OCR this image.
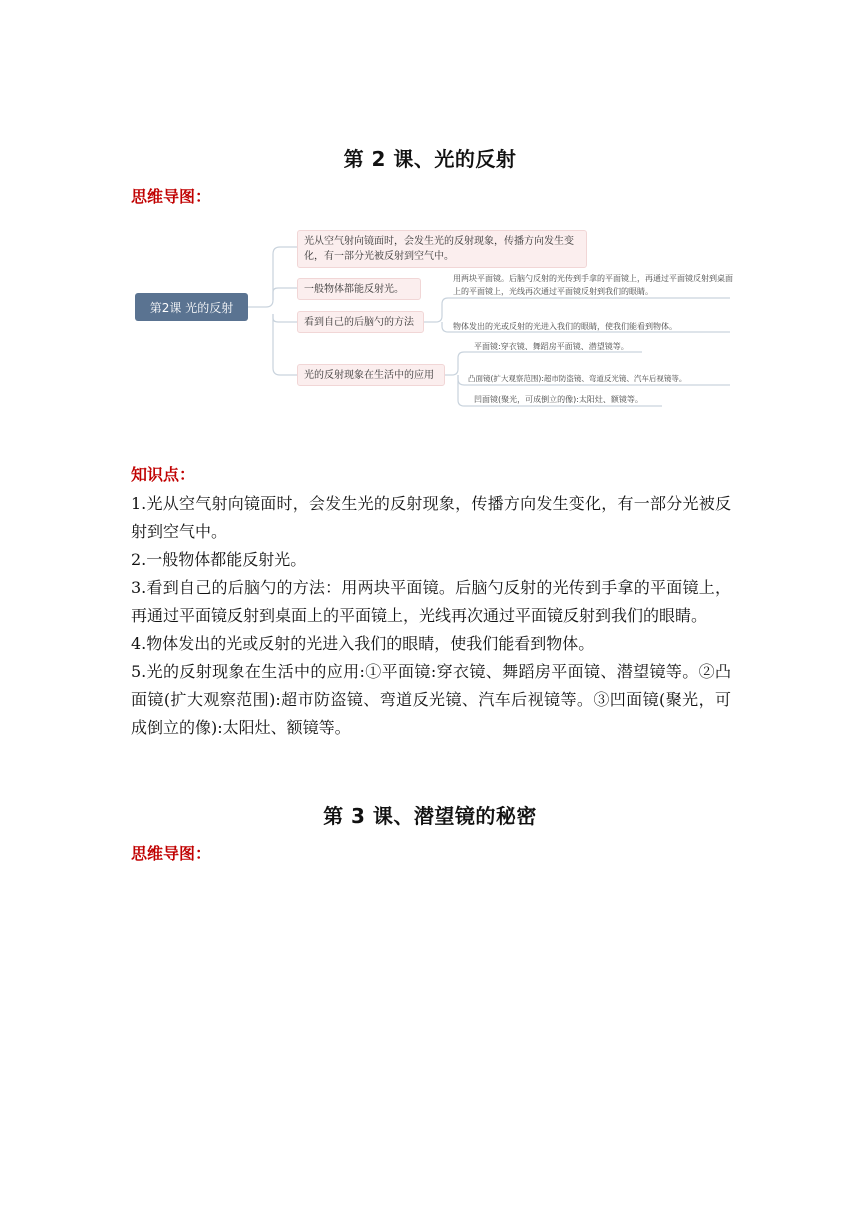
第 2 课、光的反射
思维导图：
第2课 光的反射
光从空气射向镜面时，会发生光的反射现象，传播方向发生变化，有一部分光被反射到空气中。
一般物体都能反射光。
看到自己的后脑勺的方法
光的反射现象在生活中的应用
用两块平面镜。后脑勺反射的光传到手拿的平面镜上，再通过平面镜反射到桌面上的平面镜上，光线再次通过平面镜反射到我们的眼睛。
物体发出的光或反射的光进入我们的眼睛，使我们能看到物体。
平面镜:穿衣镜、舞蹈房平面镜、潜望镜等。
凸面镜(扩大观察范围):超市防盗镜、弯道反光镜、汽车后视镜等。
凹面镜(聚光，可成倒立的像):太阳灶、额镜等。
知识点：

1.光从空气射向镜面时，会发生光的反射现象，传播方向发生变化，有一部分光被反射到空气中。

2.一般物体都能反射光。

3.看到自己的后脑勺的方法：用两块平面镜。后脑勺反射的光传到手拿的平面镜上，再通过平面镜反射到桌面上的平面镜上，光线再次通过平面镜反射到我们的眼睛。

4.物体发出的光或反射的光进入我们的眼睛，使我们能看到物体。

5.光的反射现象在生活中的应用:①平面镜:穿衣镜、舞蹈房平面镜、潜望镜等。②凸面镜(扩大观察范围):超市防盗镜、弯道反光镜、汽车后视镜等。③凹面镜(聚光，可成倒立的像):太阳灶、额镜等。

第 3 课、潜望镜的秘密
思维导图：
